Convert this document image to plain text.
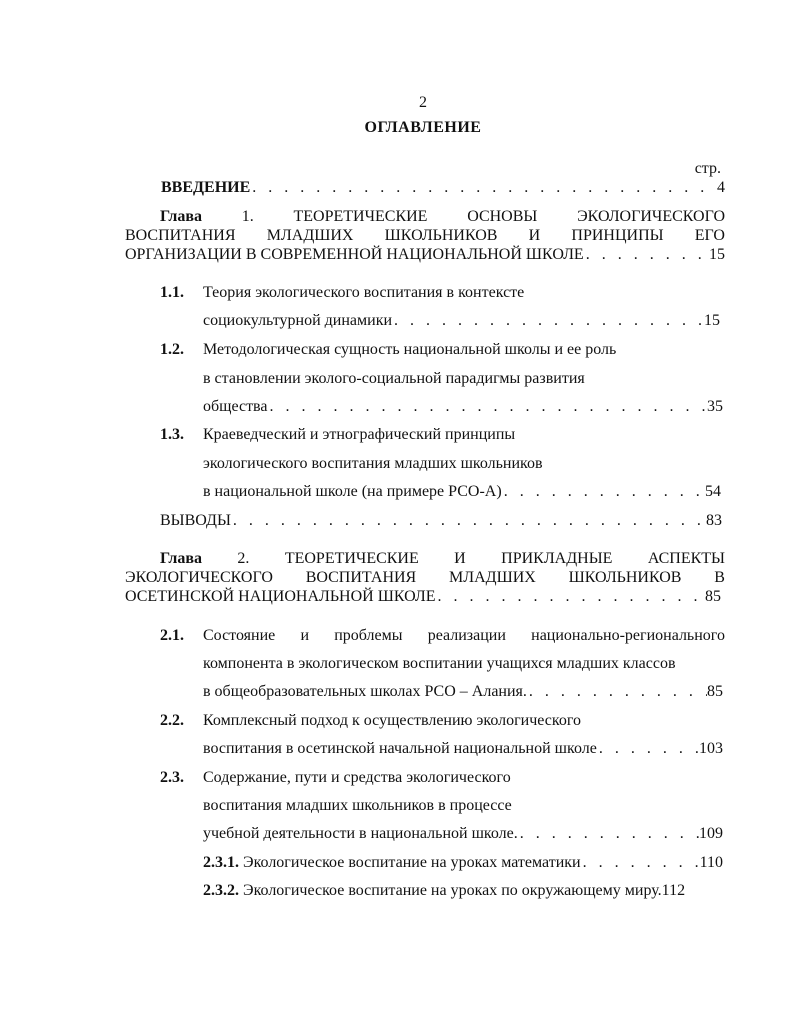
2
ОГЛАВЛЕНИЕ
стр.
ВВЕДЕНИЕ . . .	4
Глава 1. ТЕОРЕТИЧЕСКИЕ ОСНОВЫ ЭКОЛОГИЧЕСКОГО
ВОСПИТАНИЯ МЛАДШИХ ШКОЛЬНИКОВ И ПРИНЦИПЫ ЕГО
ОРГАНИЗАЦИИ В СОВРЕМЕННОЙ НАЦИОНАЛЬНОЙ ШКОЛЕ . . .	15
1.1. Теория экологического воспитания в контексте
социокультурной динамики . . .	15
1.2. Методологическая сущность национальной школы и ее роль
в становлении эколого-социальной парадигмы развития
общества . . .	35
1.3. Краеведческий и этнографический принципы
экологического воспитания младших школьников
в национальной школе (на примере РСО-А) . . .	54
ВЫВОДЫ . . .	83
Глава 2. ТЕОРЕТИЧЕСКИЕ И ПРИКЛАДНЫЕ АСПЕКТЫ
ЭКОЛОГИЧЕСКОГО ВОСПИТАНИЯ МЛАДШИХ ШКОЛЬНИКОВ В
ОСЕТИНСКОЙ НАЦИОНАЛЬНОЙ ШКОЛЕ . . .	85
2.1. Состояние и проблемы реализации национально-регионального
компонента в экологическом воспитании учащихся младших классов
в общеобразовательных школах РСО – Алания. . . .	85
2.2. Комплексный подход к осуществлению экологического
воспитания в осетинской начальной национальной школе . . .	103
2.3. Содержание, пути и средства экологического
воспитания младших школьников в процессе
учебной деятельности в национальной школе. . . .	109
2.3.1. Экологическое воспитание на уроках математики . . .	110
2.3.2. Экологическое воспитание на уроках по окружающему миру.112
